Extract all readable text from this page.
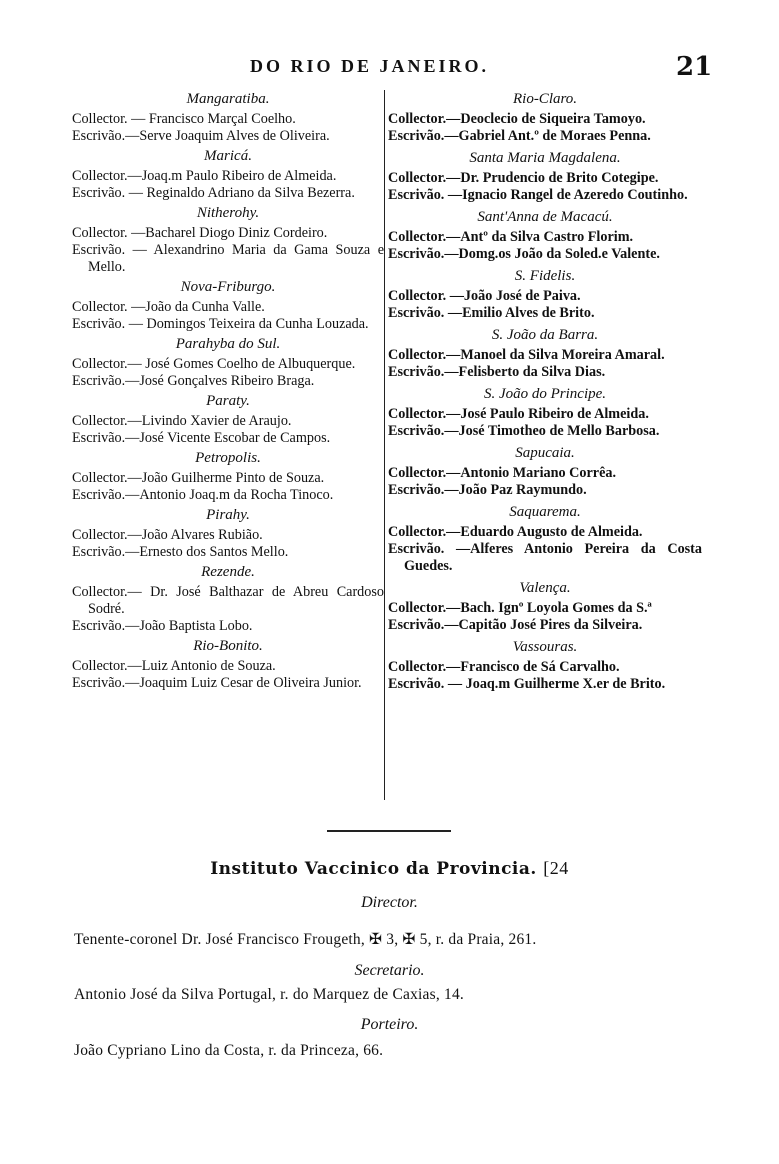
DO RIO DE JANEIRO.	21
Mangaratiba.
Collector. — Francisco Marçal Coelho.
Escrivão.—Serve Joaquim Alves de Oliveira.
Maricá.
Collector.—Joaq.m Paulo Ribeiro de Almeida.
Escrivão. — Reginaldo Adriano da Silva Bezerra.
Nitherohy.
Collector. —Bacharel Diogo Diniz Cordeiro.
Escrivão. — Alexandrino Maria da Gama Souza e Mello.
Nova-Friburgo.
Collector. —João da Cunha Valle.
Escrivão. — Domingos Teixeira da Cunha Louzada.
Parahyba do Sul.
Collector.— José Gomes Coelho de Albuquerque.
Escrivão.—José Gonçalves Ribeiro Braga.
Paraty.
Collector.—Livindo Xavier de Araujo.
Escrivão.—José Vicente Escobar de Campos.
Petropolis.
Collector.—João Guilherme Pinto de Souza.
Escrivão.—Antonio Joaq.m da Rocha Tinoco.
Pirahy.
Collector.—João Alvares Rubião.
Escrivão.—Ernesto dos Santos Mello.
Rezende.
Collector.— Dr. José Balthazar de Abreu Cardoso Sodré.
Escrivão.—João Baptista Lobo.
Rio-Bonito.
Collector.—Luiz Antonio de Souza.
Escrivão.—Joaquim Luiz Cesar de Oliveira Junior.
Rio-Claro.
Collector.—Deoclecio de Siqueira Tamoyo.
Escrivão.—Gabriel Ant.º de Moraes Penna.
Santa Maria Magdalena.
Collector.—Dr. Prudencio de Brito Cotegipe.
Escrivão. —Ignacio Rangel de Azeredo Coutinho.
Sant'Anna de Macacú.
Collector.—Antº da Silva Castro Florim.
Escrivão.—Domg.os João da Soled.e Valente.
S. Fidelis.
Collector. —João José de Paiva.
Escrivão. —Emilio Alves de Brito.
S. João da Barra.
Collector.—Manoel da Silva Moreira Amaral.
Escrivão.—Felisberto da Silva Dias.
S. João do Principe.
Collector.—José Paulo Ribeiro de Almeida.
Escrivão.—José Timotheo de Mello Barbosa.
Sapucaia.
Collector.—Antonio Mariano Corrêa.
Escrivão.—João Paz Raymundo.
Saquarema.
Collector.—Eduardo Augusto de Almeida.
Escrivão. —Alferes Antonio Pereira da Costa Guedes.
Valença.
Collector.—Bach. Ignº Loyola Gomes da S.ª
Escrivão.—Capitão José Pires da Silveira.
Vassouras.
Collector.—Francisco de Sá Carvalho.
Escrivão. — Joaq.m Guilherme X.er de Brito.
Instituto Vaccinico da Provincia. [24
Director.
Tenente-coronel Dr. José Francisco Frougeth, ✠ 3, ✠ 5, r. da Praia, 261.
Secretario.
Antonio José da Silva Portugal, r. do Marquez de Caxias, 14.
Porteiro.
João Cypriano Lino da Costa, r. da Princeza, 66.
